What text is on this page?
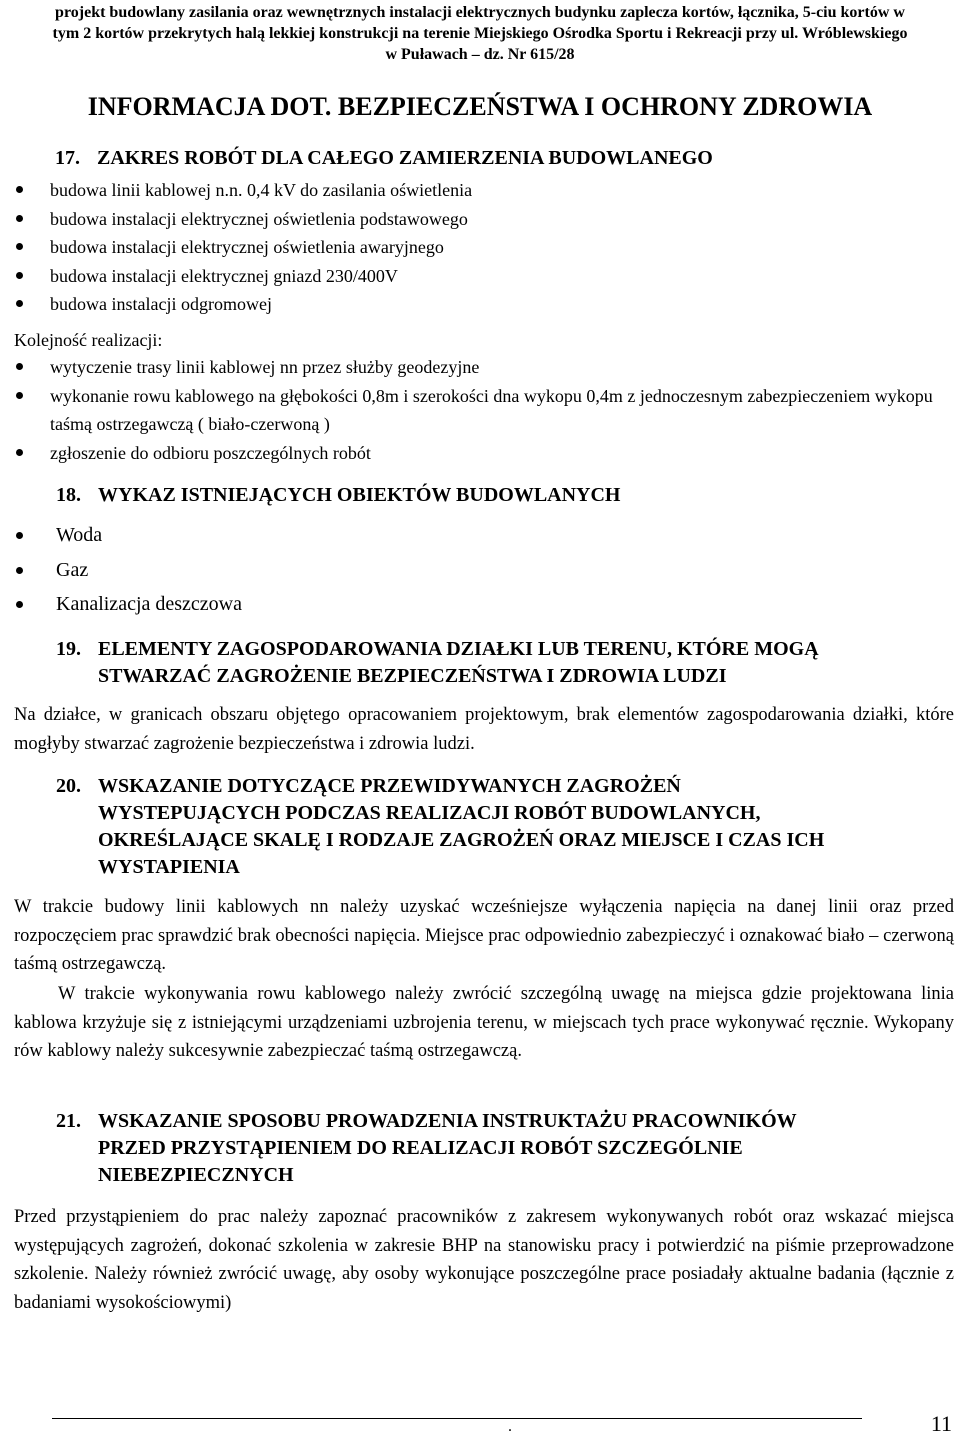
projekt budowlany zasilania oraz wewnętrznych instalacji elektrycznych budynku zaplecza kortów, łącznika, 5-ciu kortów w
tym 2 kortów przekrytych halą lekkiej konstrukcji na terenie Miejskiego Ośrodka Sportu i Rekreacji przy ul. Wróblewskiego
w Puławach – dz. Nr 615/28
INFORMACJA DOT. BEZPIECZEŃSTWA I OCHRONY ZDROWIA
17. ZAKRES ROBÓT DLA CAŁEGO ZAMIERZENIA BUDOWLANEGO
budowa linii kablowej n.n. 0,4 kV do zasilania oświetlenia
budowa instalacji elektrycznej oświetlenia podstawowego
budowa instalacji elektrycznej oświetlenia awaryjnego
budowa instalacji elektrycznej gniazd 230/400V
budowa instalacji odgromowej
Kolejność realizacji:
wytyczenie trasy linii kablowej nn przez służby geodezyjne
wykonanie rowu kablowego na głębokości 0,8m i szerokości dna wykopu 0,4m z jednoczesnym zabezpieczeniem wykopu taśmą ostrzegawczą ( biało-czerwoną )
zgłoszenie do odbioru poszczególnych robót
18. WYKAZ ISTNIEJĄCYCH OBIEKTÓW BUDOWLANYCH
Woda
Gaz
Kanalizacja deszczowa
19. ELEMENTY ZAGOSPODAROWANIA DZIAŁKI LUB TERENU, KTÓRE MOGĄ
STWARZAĆ ZAGROŻENIE BEZPIECZEŃSTWA I ZDROWIA LUDZI
Na działce, w granicach obszaru objętego opracowaniem projektowym, brak elementów zagospodarowania działki, które mogłyby stwarzać zagrożenie bezpieczeństwa i zdrowia ludzi.
20. WSKAZANIE DOTYCZĄCE PRZEWIDYWANYCH ZAGROŻEŃ
WYSTEPUJĄCYCH PODCZAS REALIZACJI ROBÓT BUDOWLANYCH,
OKREŚLAJĄCE SKALĘ I RODZAJE ZAGROŻEŃ ORAZ MIEJSCE I CZAS ICH
WYSTAPIENIA
W trakcie budowy linii kablowych nn należy uzyskać wcześniejsze wyłączenia napięcia na danej linii oraz przed rozpoczęciem prac sprawdzić brak obecności napięcia. Miejsce prac odpowiednio zabezpieczyć i oznakować biało – czerwoną taśmą ostrzegawczą.
W trakcie wykonywania rowu kablowego należy zwrócić szczególną uwagę na miejsca gdzie projektowana linia kablowa krzyżuje się z istniejącymi urządzeniami uzbrojenia terenu, w miejscach tych prace wykonywać ręcznie. Wykopany rów kablowy należy sukcesywnie zabezpieczać taśmą ostrzegawczą.
21. WSKAZANIE SPOSOBU PROWADZENIA INSTRUKTAŻU PRACOWNIKÓW
PRZED PRZYSTĄPIENIEM DO REALIZACJI ROBÓT SZCZEGÓLNIE
NIEBEZPIECZNYCH
Przed przystąpieniem do prac należy zapoznać pracowników z zakresem wykonywanych robót oraz wskazać miejsca występujących zagrożeń, dokonać szkolenia w zakresie BHP na stanowisku pracy i potwierdzić na piśmie przeprowadzone szkolenie. Należy również zwrócić uwagę, aby osoby wykonujące poszczególne prace posiadały aktualne badania (łącznie z badaniami wysokościowymi)
.	11
